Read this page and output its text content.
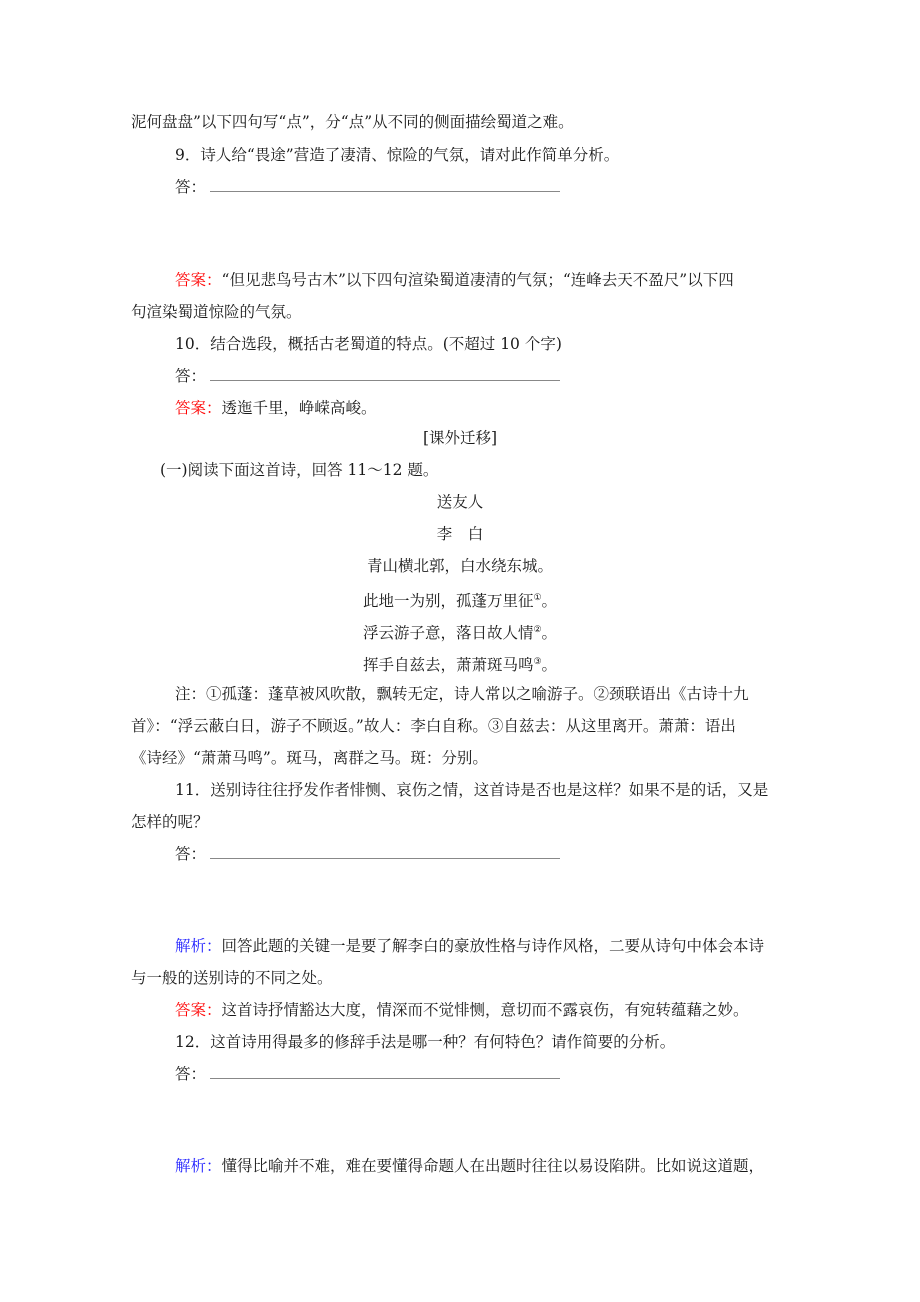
泥何盘盘”以下四句写“点”，分“点”从不同的侧面描绘蜀道之难。
9．诗人给“畏途”营造了凄清、惊险的气氛，请对此作简单分析。
答：
答案：“但见悲鸟号古木”以下四句渲染蜀道凄清的气氛；“连峰去天不盈尺”以下四
句渲染蜀道惊险的气氛。
10．结合选段，概括古老蜀道的特点。(不超过 10 个字)
答：
答案：透迤千里，峥嵘高峻。
[课外迁移]
(一)阅读下面这首诗，回答 11～12 题。
送友人
李　白
青山横北郭，白水绕东城。
此地一为别，孤蓬万里征①。
浮云游子意，落日故人情②。
挥手自兹去，萧萧斑马鸣③。
注：①孤蓬：蓬草被风吹散，飘转无定，诗人常以之喻游子。②颈联语出《古诗十九
首》：“浮云蔽白日，游子不顾返。”故人：李白自称。③自兹去：从这里离开。萧萧：语出
《诗经》“萧萧马鸣”。斑马，离群之马。斑：分别。
11．送别诗往往抒发作者悱恻、哀伤之情，这首诗是否也是这样？如果不是的话，又是
怎样的呢？
答：
解析：回答此题的关键一是要了解李白的豪放性格与诗作风格，二要从诗句中体会本诗
与一般的送别诗的不同之处。
答案：这首诗抒情豁达大度，情深而不觉悱恻，意切而不露哀伤，有宛转蕴藉之妙。
12．这首诗用得最多的修辞手法是哪一种？有何特色？请作简要的分析。
答：
解析：懂得比喻并不难，难在要懂得命题人在出题时往往以易设陷阱。比如说这道题，
